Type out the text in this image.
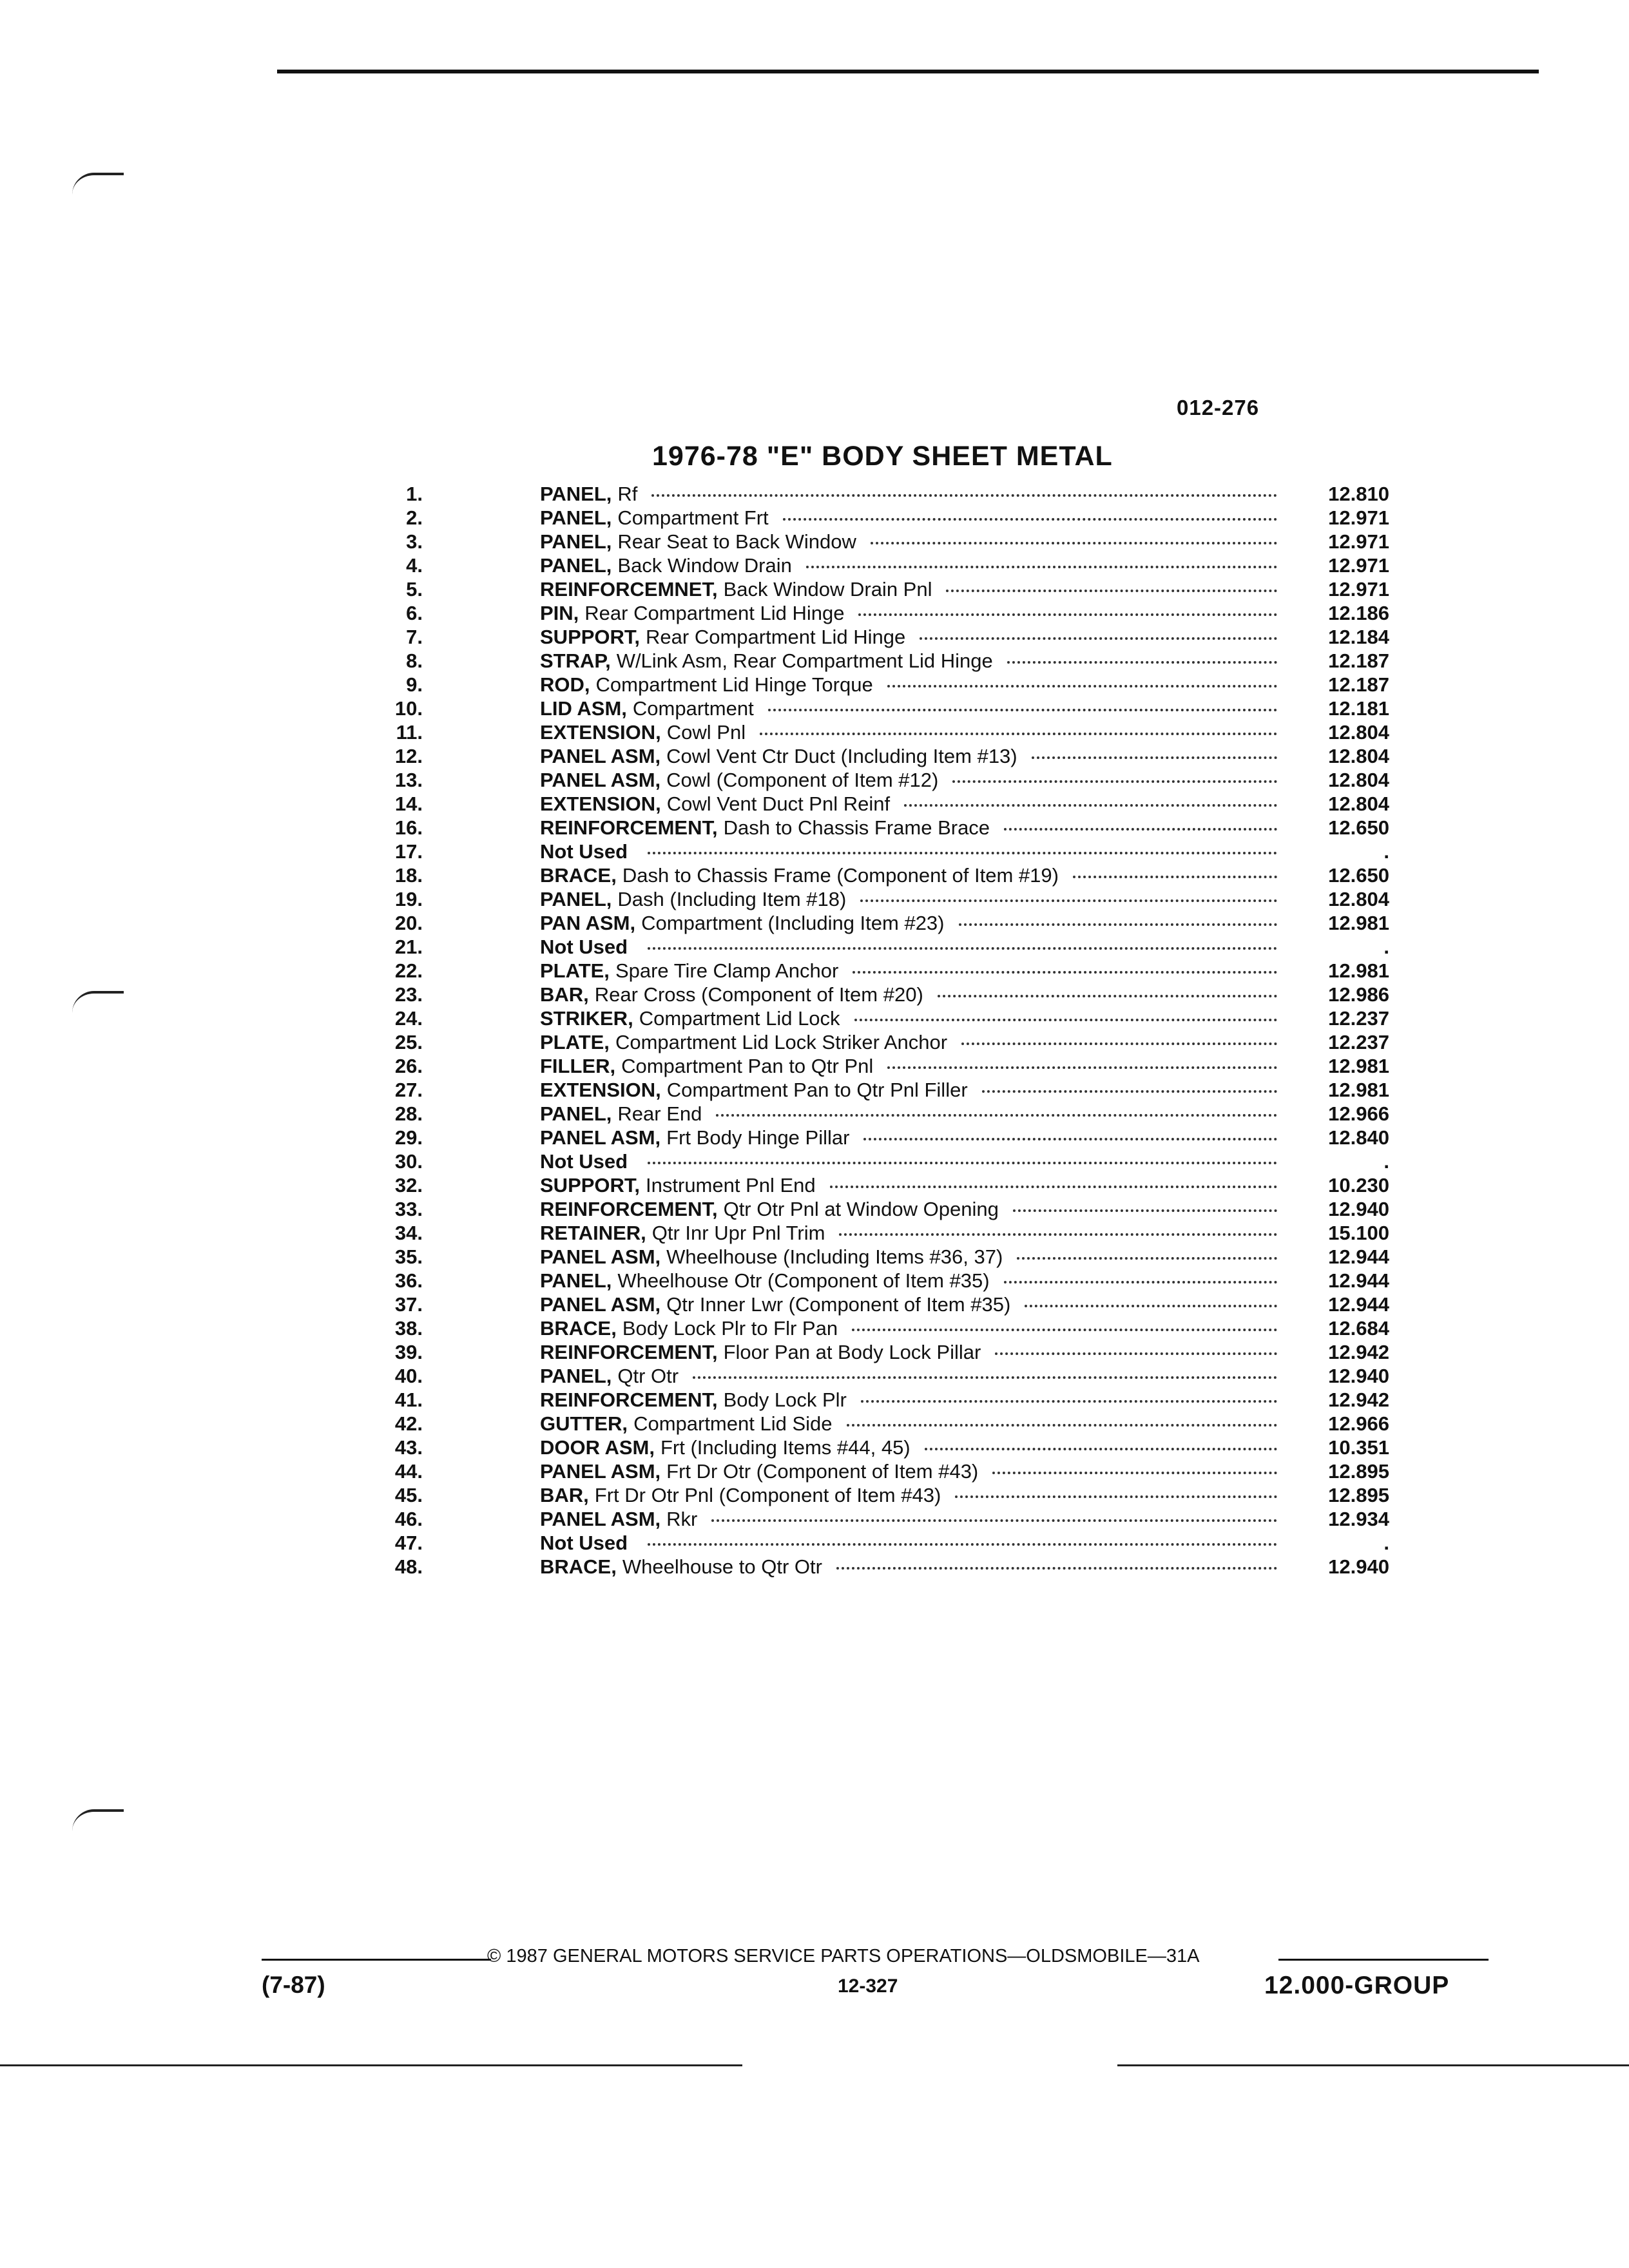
012-276
1976-78 "E" BODY SHEET METAL
1.	PANEL, Rf	12.810
2.	PANEL, Compartment Frt	12.971
3.	PANEL, Rear Seat to Back Window	12.971
4.	PANEL, Back Window Drain	12.971
5.	REINFORCEMNET, Back Window Drain Pnl	12.971
6.	PIN, Rear Compartment Lid Hinge	12.186
7.	SUPPORT, Rear Compartment Lid Hinge	12.184
8.	STRAP, W/Link Asm, Rear Compartment Lid Hinge	12.187
9.	ROD, Compartment Lid Hinge Torque	12.187
10.	LID ASM, Compartment	12.181
11.	EXTENSION, Cowl Pnl	12.804
12.	PANEL ASM, Cowl Vent Ctr Duct (Including Item #13)	12.804
13.	PANEL ASM, Cowl (Component of Item #12)	12.804
14.	EXTENSION, Cowl Vent Duct Pnl Reinf	12.804
16.	REINFORCEMENT, Dash to Chassis Frame Brace	12.650
17.	Not Used	.
18.	BRACE, Dash to Chassis Frame (Component of Item #19)	12.650
19.	PANEL, Dash (Including Item #18)	12.804
20.	PAN ASM, Compartment (Including Item #23)	12.981
21.	Not Used	.
22.	PLATE, Spare Tire Clamp Anchor	12.981
23.	BAR, Rear Cross (Component of Item #20)	12.986
24.	STRIKER, Compartment Lid Lock	12.237
25.	PLATE, Compartment Lid Lock Striker Anchor	12.237
26.	FILLER, Compartment Pan to Qtr Pnl	12.981
27.	EXTENSION, Compartment Pan to Qtr Pnl Filler	12.981
28.	PANEL, Rear End	12.966
29.	PANEL ASM, Frt Body Hinge Pillar	12.840
30.	Not Used	.
32.	SUPPORT, Instrument Pnl End	10.230
33.	REINFORCEMENT, Qtr Otr Pnl at Window Opening	12.940
34.	RETAINER, Qtr Inr Upr Pnl Trim	15.100
35.	PANEL ASM, Wheelhouse (Including Items #36, 37)	12.944
36.	PANEL, Wheelhouse Otr (Component of Item #35)	12.944
37.	PANEL ASM, Qtr Inner Lwr (Component of Item #35)	12.944
38.	BRACE, Body Lock Plr to Flr Pan	12.684
39.	REINFORCEMENT, Floor Pan at Body Lock Pillar	12.942
40.	PANEL, Qtr Otr	12.940
41.	REINFORCEMENT, Body Lock Plr	12.942
42.	GUTTER, Compartment Lid Side	12.966
43.	DOOR ASM, Frt (Including Items #44, 45)	10.351
44.	PANEL ASM, Frt Dr Otr (Component of Item #43)	12.895
45.	BAR, Frt Dr Otr Pnl (Component of Item #43)	12.895
46.	PANEL ASM, Rkr	12.934
47.	Not Used	.
48.	BRACE, Wheelhouse to Qtr Otr	12.940
© 1987 GENERAL MOTORS SERVICE PARTS OPERATIONS—OLDSMOBILE—31A
(7-87)	12-327	12.000-GROUP
